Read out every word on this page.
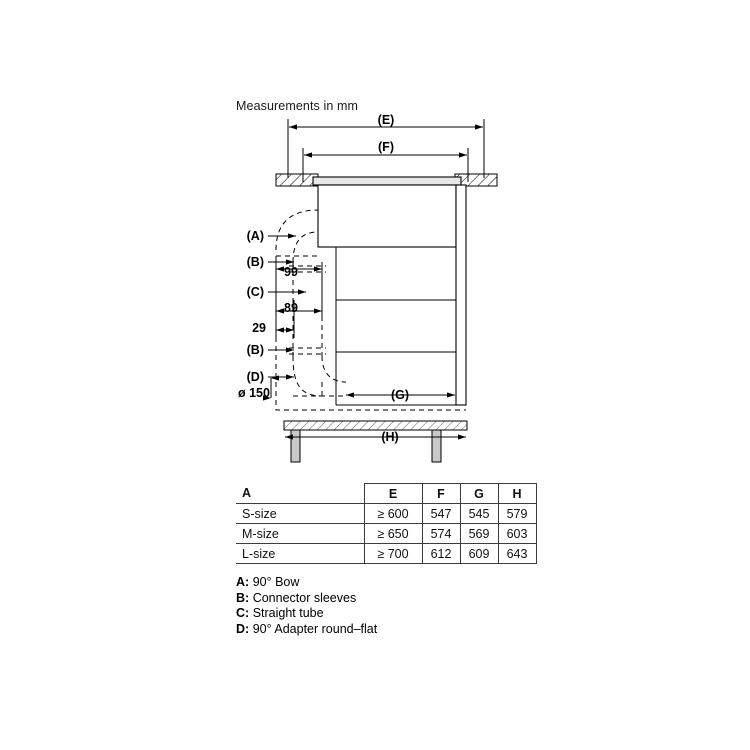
Measurements in mm
(E)
(F)
(A)
(B)
(C)
(B)
(D)
99
89
29
ø 150	(G)
(H)
A	E	F	G	H
S-size	≥ 600	547	545	579
M-size	≥ 650	574	569	603
L-size	≥ 700	612	609	643
A: 90° Bow
B: Connector sleeves
C: Straight tube
D: 90° Adapter round–flat
